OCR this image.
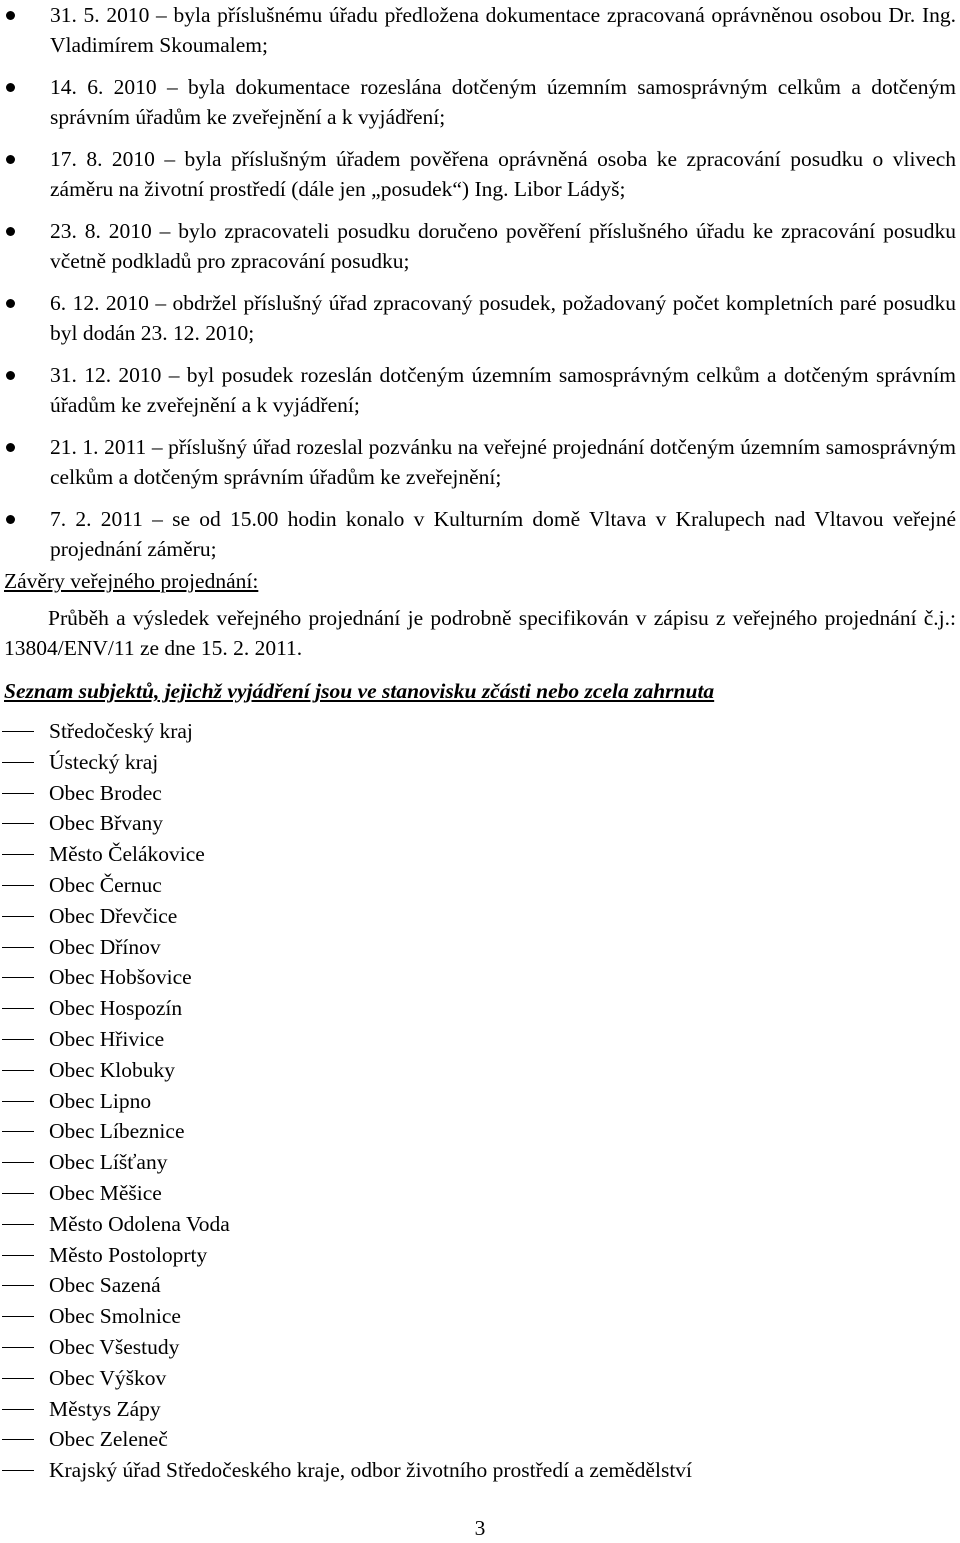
31. 5. 2010 – byla příslušnému úřadu předložena dokumentace zpracovaná oprávněnou osobou Dr. Ing. Vladimírem Skoumalem;
14. 6. 2010 – byla dokumentace rozeslána dotčeným územním samosprávným celkům a dotčeným správním úřadům ke zveřejnění a k vyjádření;
17. 8. 2010 – byla příslušným úřadem pověřena oprávněná osoba ke zpracování posudku o vlivech záměru na životní prostředí (dále jen „posudek“) Ing. Libor Ládyš;
23. 8. 2010 – bylo zpracovateli posudku doručeno pověření příslušného úřadu ke zpracování posudku včetně podkladů pro zpracování posudku;
6. 12. 2010 – obdržel příslušný úřad zpracovaný posudek, požadovaný počet kompletních paré posudku byl dodán 23. 12. 2010;
31. 12. 2010 – byl posudek rozeslán dotčeným územním samosprávným celkům a dotčeným správním úřadům ke zveřejnění a k vyjádření;
21. 1. 2011 – příslušný úřad rozeslal pozvánku na veřejné projednání dotčeným územním samosprávným celkům a dotčeným správním úřadům ke zveřejnění;
7. 2. 2011 – se od 15.00 hodin konalo v Kulturním domě Vltava v Kralupech nad Vltavou veřejné projednání záměru;
Závěry veřejného projednání:
Průběh a výsledek veřejného projednání je podrobně specifikován v zápisu z veřejného projednání č.j.: 13804/ENV/11 ze dne 15. 2. 2011.
Seznam subjektů, jejichž vyjádření jsou ve stanovisku zčásti nebo zcela zahrnuta
Středočeský kraj
Ústecký kraj
Obec Brodec
Obec Břvany
Město Čelákovice
Obec Černuc
Obec Dřevčice
Obec Dřínov
Obec Hobšovice
Obec Hospozín
Obec Hřivice
Obec Klobuky
Obec Lipno
Obec Líbeznice
Obec Líšťany
Obec Měšice
Město Odolena Voda
Město Postoloprty
Obec Sazená
Obec Smolnice
Obec Všestudy
Obec Výškov
Městys Zápy
Obec Zeleneč
Krajský úřad Středočeského kraje, odbor životního prostředí a zemědělství
3
